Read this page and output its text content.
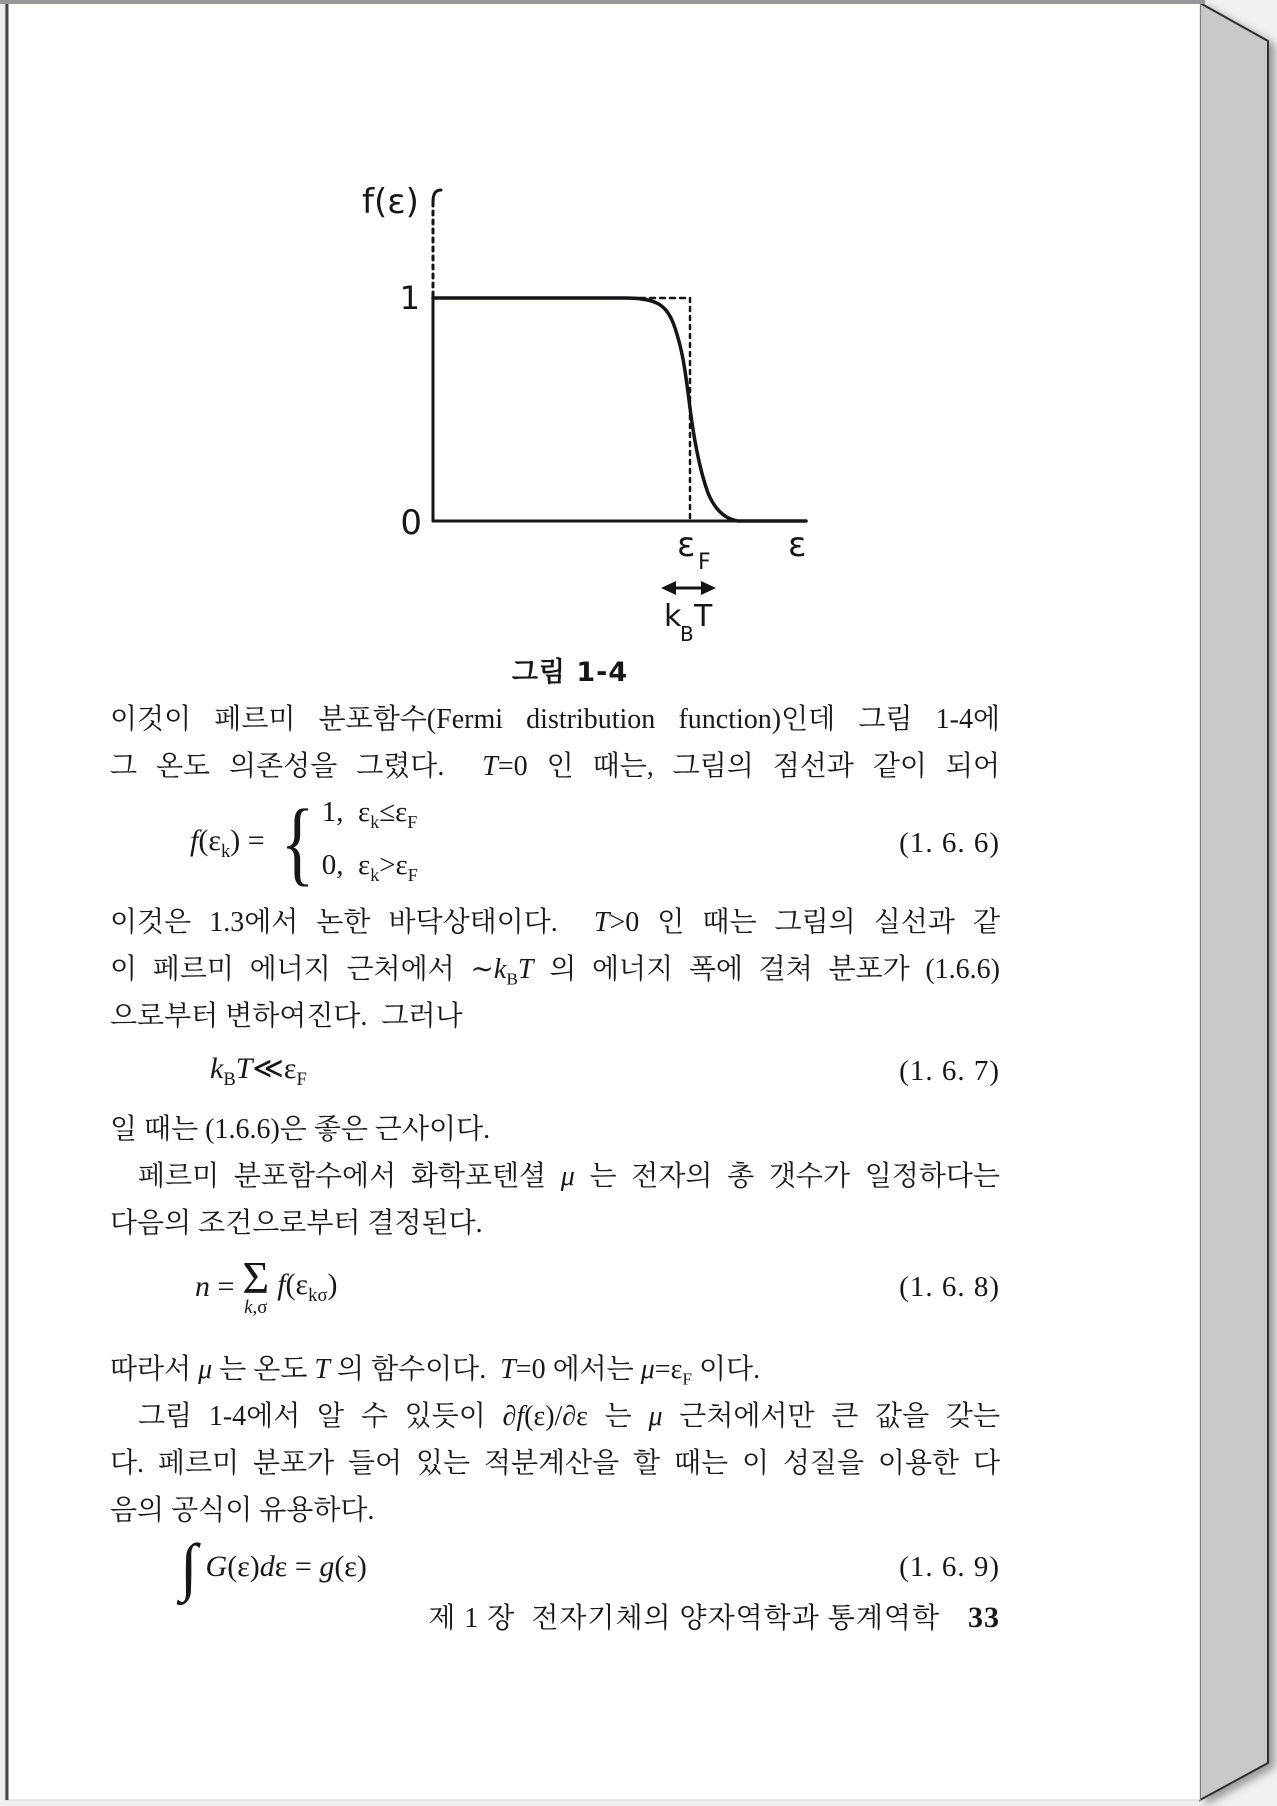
f(ε)
1
0
ε
ε F
k
B T
그림 1-4
이것이 페르미 분포함수(Fermi distribution function)인데 그림 1-4에
그 온도 의존성을 그렸다.  T=0 인 때는, 그림의 점선과 같이 되어
$f(\varepsilon_k)$ = { 1,  $\varepsilon_k\le\varepsilon_F$
0,  $\varepsilon_k>\varepsilon_F$
(1. 6. 6)
이것은 1.3에서 논한 바닥상태이다.  T>0 인 때는 그림의 실선과 같
이 페르미 에너지 근처에서 $\sim k_BT$ 의 에너지 폭에 걸쳐 분포가 (1.6.6)
으로부터 변하여진다.  그러나
$k_BT≪\varepsilon_F$	(1. 6. 7)
일 때는 (1.6.6)은 좋은 근사이다.
페르미 분포함수에서 화학포텐셜 μ 는 전자의 총 갯수가 일정하다는
다음의 조건으로부터 결정된다.
n = Σ
k,σ
$f(\varepsilon_{k\sigma})$	(1. 6. 8)
따라서 μ 는 온도 T 의 함수이다.  T=0 에서는 $\mu=\varepsilon_F$ 이다.
그림 1-4에서 알 수 있듯이 ∂f(ε)/∂ε 는 μ 근처에서만 큰 값을 갖는
다. 페르미 분포가 들어 있는 적분계산을 할 때는 이 성질을 이용한 다
음의 공식이 유용하다.
∫ G(ε)dε = g(ε)	(1. 6. 9)
제 1 장  전자기체의 양자역학과 통계역학 33
